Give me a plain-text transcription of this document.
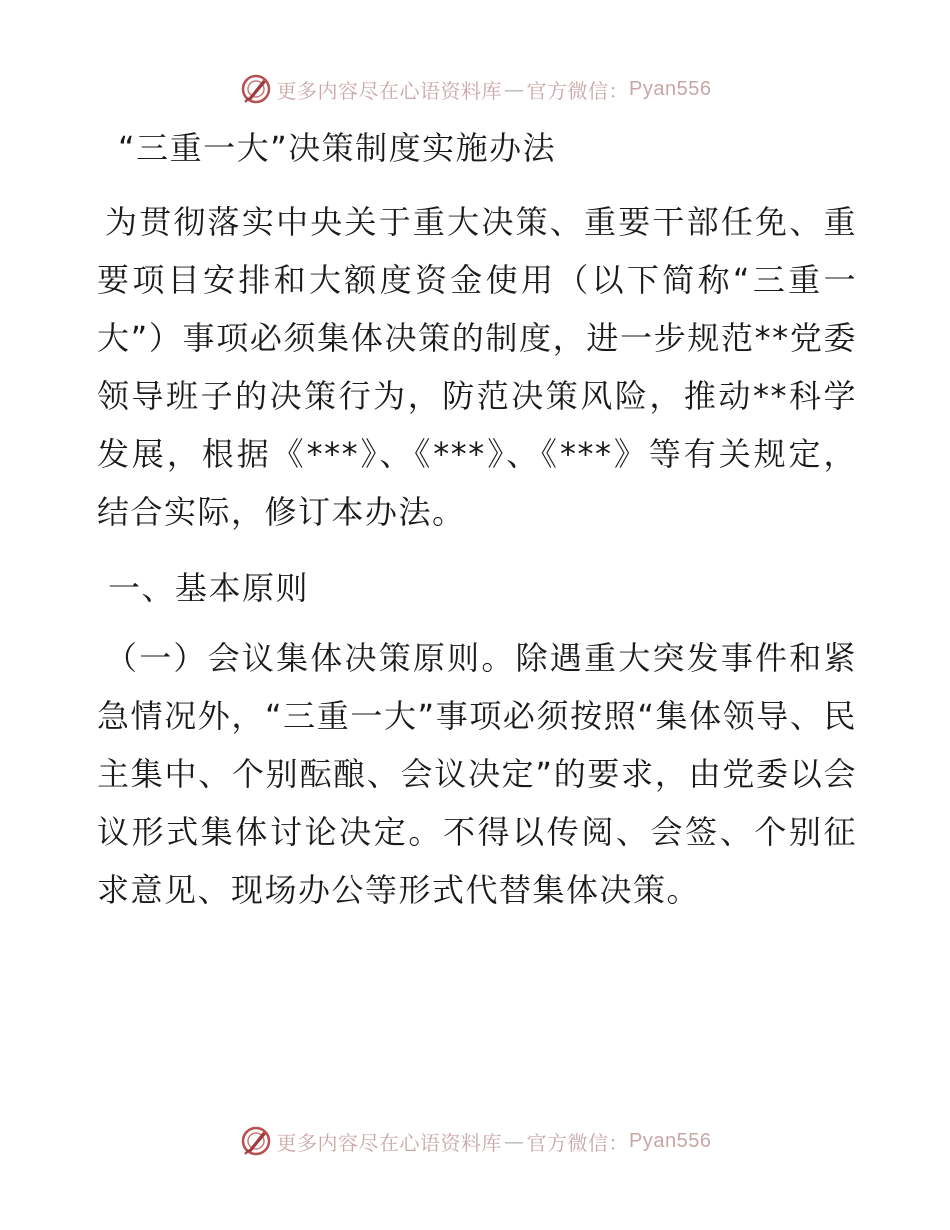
更多内容尽在心语资料库 — 官方微信： Pyan556
“三重一大”决策制度实施办法

为贯彻落实中央关于重大决策、重要干部任免、重要项目安排和大额度资金使用（以下简称“三重一大”）事项必须集体决策的制度，进一步规范**党委领导班子的决策行为，防范决策风险，推动**科学发展，根据《***》、《***》、《***》等有关规定，结合实际，修订本办法。

一、基本原则

（一）会议集体决策原则。除遇重大突发事件和紧急情况外，“三重一大”事项必须按照“集体领导、民主集中、个别酝酿、会议决定”的要求，由党委以会议形式集体讨论决定。不得以传阅、会签、个别征求意见、现场办公等形式代替集体决策。

更多内容尽在心语资料库 — 官方微信： Pyan556
